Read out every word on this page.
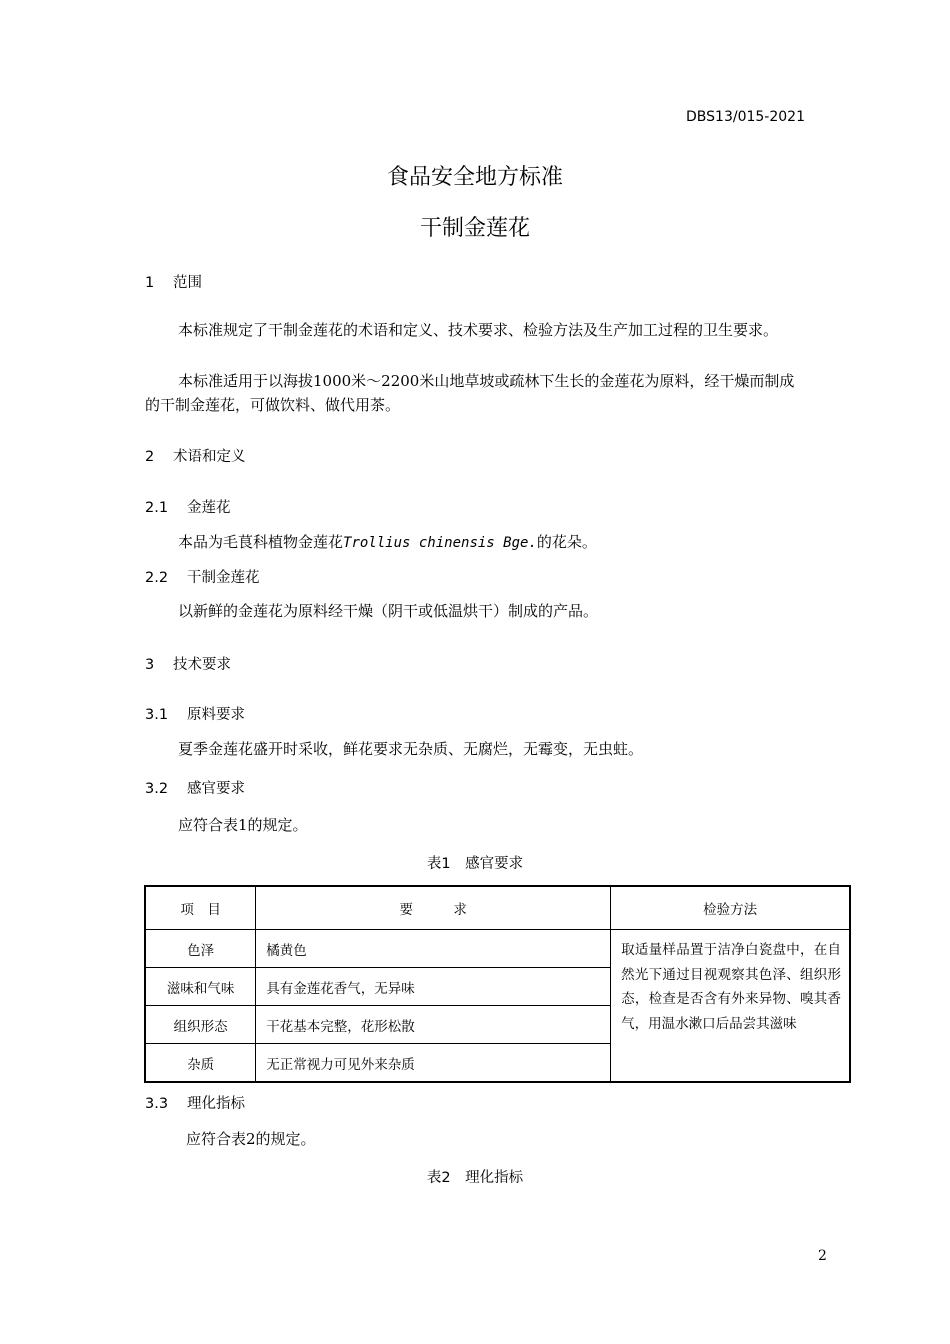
DBS13/015-2021
食品安全地方标准
干制金莲花
1 范围
本标准规定了干制金莲花的术语和定义、技术要求、检验方法及生产加工过程的卫生要求。
本标准适用于以海拔1000米～2200米山地草坡或疏林下生长的金莲花为原料，经干燥而制成的干制金莲花，可做饮料、做代用茶。
2 术语和定义
2.1 金莲花
本品为毛茛科植物金莲花Trollius chinensis Bge.的花朵。
2.2 干制金莲花
以新鲜的金莲花为原料经干燥（阴干或低温烘干）制成的产品。
3 技术要求
3.1 原料要求
夏季金莲花盛开时采收，鲜花要求无杂质、无腐烂，无霉变，无虫蛀。
3.2 感官要求
应符合表1的规定。
表1　感官要求
项　目	要　　　求	检验方法
色泽	橘黄色	取适量样品置于洁净白瓷盘中，在自然光下通过目视观察其色泽、组织形态，检查是否含有外来异物、嗅其香气，用温水漱口后品尝其滋味
滋味和气味	具有金莲花香气，无异味	
组织形态	干花基本完整，花形松散	
杂质	无正常视力可见外来杂质	
3.3 理化指标
应符合表2的规定。
表2　理化指标
2
